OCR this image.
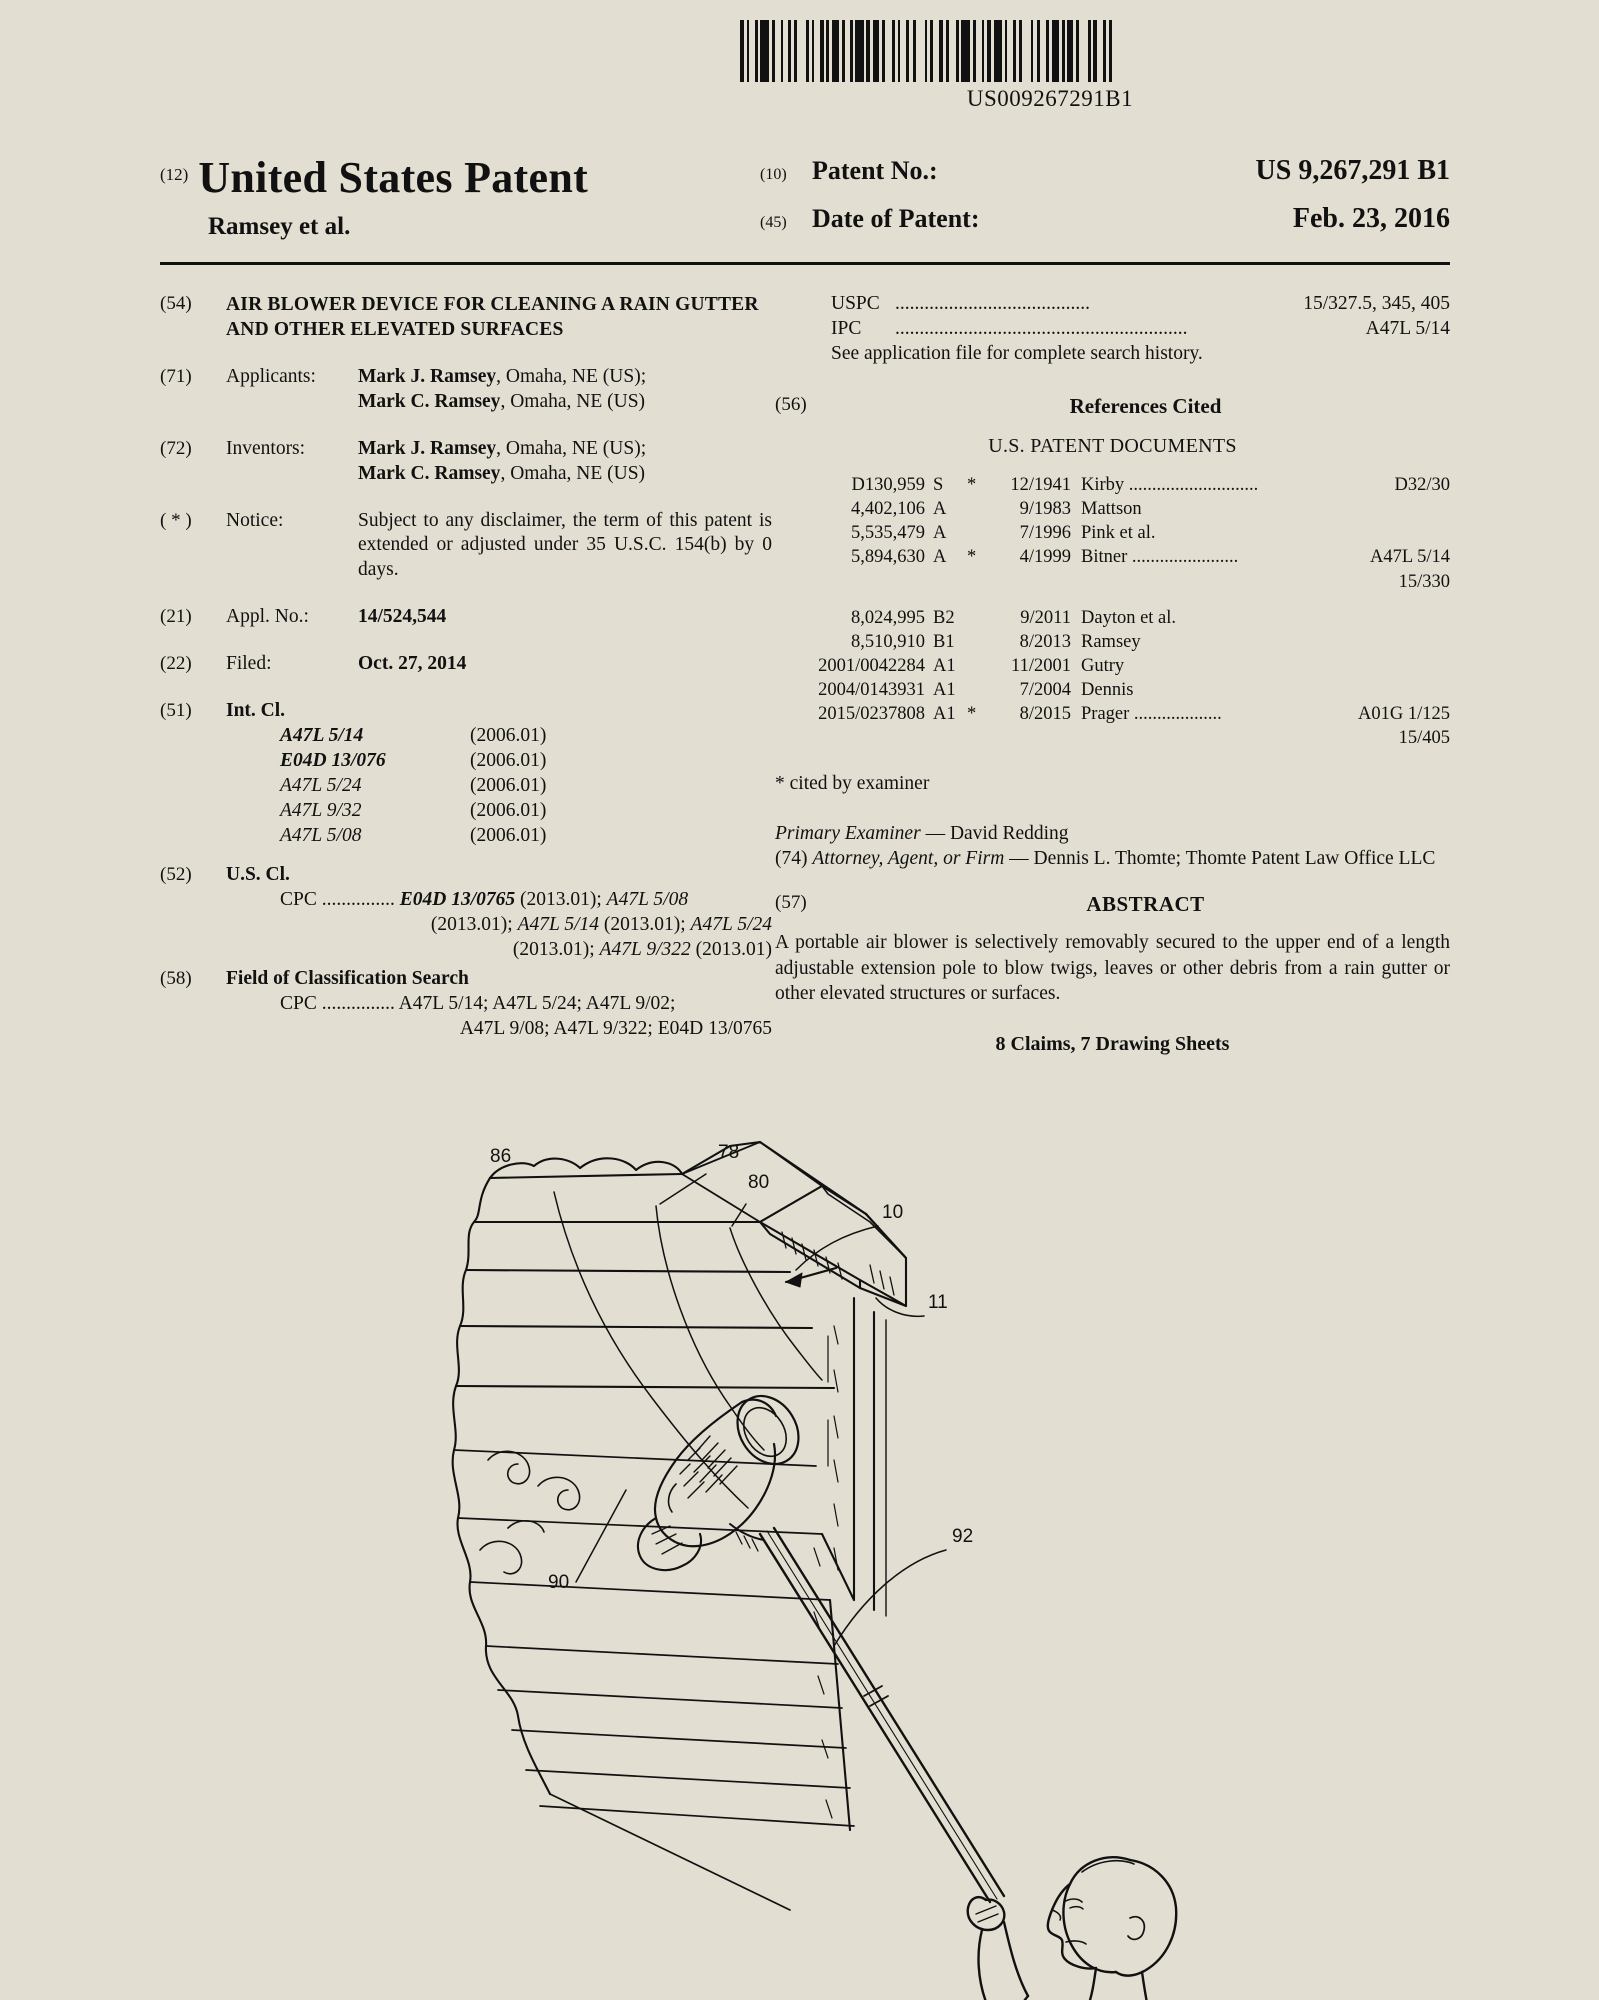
US009267291B1
(12) United States Patent
Ramsey et al.
(10) Patent No.:	US 9,267,291 B1
(45) Date of Patent:	Feb. 23, 2016
(54)	AIR BLOWER DEVICE FOR CLEANING A RAIN GUTTER AND OTHER ELEVATED SURFACES
(71)	Applicants:	Mark J. Ramsey, Omaha, NE (US);
Mark C. Ramsey, Omaha, NE (US)
(72)	Inventors:	Mark J. Ramsey, Omaha, NE (US);
Mark C. Ramsey, Omaha, NE (US)
( * )	Notice:	Subject to any disclaimer, the term of this patent is extended or adjusted under 35 U.S.C. 154(b) by 0 days.
(21)	Appl. No.:	14/524,544
(22)	Filed:	Oct. 27, 2014
(51)	Int. Cl.
A47L 5/14	(2006.01)
E04D 13/076	(2006.01)
A47L 5/24	(2006.01)
A47L 9/32	(2006.01)
A47L 5/08	(2006.01)
(52)	U.S. Cl.
CPC ............... E04D 13/0765 (2013.01); A47L 5/08
(2013.01); A47L 5/14 (2013.01); A47L 5/24
(2013.01); A47L 9/322 (2013.01)
(58)	Field of Classification Search
CPC ............... A47L 5/14; A47L 5/24; A47L 9/02;
A47L 9/08; A47L 9/322; E04D 13/0765
USPC ........................................	15/327.5, 345, 405
IPC	............................................................	A47L 5/14
See application file for complete search history.
(56)	References Cited
U.S. PATENT DOCUMENTS
D130,959	S	*	12/1941	Kirby ............................	D32/30
4,402,106	A		9/1983	Mattson	
5,535,479	A		7/1996	Pink et al.	
5,894,630	A	*	4/1999	Bitner .......................	A47L 5/14
					15/330

8,024,995	B2		9/2011	Dayton et al.	
8,510,910	B1		8/2013	Ramsey	
2001/0042284	A1		11/2001	Gutry	
2004/0143931	A1		7/2004	Dennis	
2015/0237808	A1	*	8/2015	Prager ...................	A01G 1/125
					15/405
* cited by examiner
Primary Examiner — David Redding
(74) Attorney, Agent, or Firm — Dennis L. Thomte; Thomte Patent Law Office LLC
(57)	ABSTRACT
A portable air blower is selectively removably secured to the upper end of a length adjustable extension pole to blow twigs, leaves or other debris from a rain gutter or other elevated structures or surfaces.
8 Claims, 7 Drawing Sheets
86	78
80
10
11
90
92
